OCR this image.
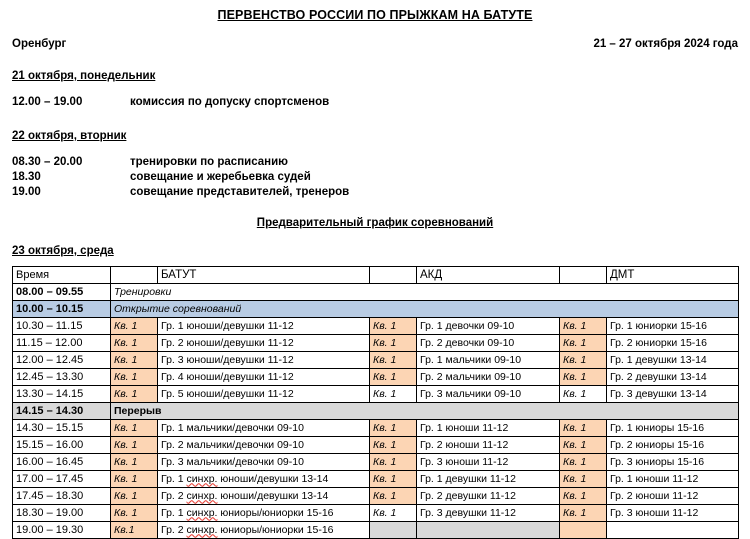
ПЕРВЕНСТВО РОССИИ ПО ПРЫЖКАМ НА БАТУТЕ
Оренбург	21 – 27 октября 2024 года
21 октября, понедельник
12.00 – 19.00	комиссия по допуску спортсменов
22 октября, вторник
08.30 – 20.00	тренировки по расписанию
18.30	совещание и жеребьевка судей
19.00	совещание представителей, тренеров
Предварительный график соревнований
23 октября, среда
Время		БАТУТ		АКД		ДМТ
08.00 – 09.55	Тренировки					
10.00 – 10.15	Открытие соревнований					
10.30 – 11.15	Кв. 1	Гр. 1 юноши/девушки 11-12	Кв. 1	Гр. 1 девочки 09-10	Кв. 1	Гр. 1 юниорки 15-16
11.15 – 12.00	Кв. 1	Гр. 2 юноши/девушки 11-12	Кв. 1	Гр. 2 девочки 09-10	Кв. 1	Гр. 2 юниорки 15-16
12.00 – 12.45	Кв. 1	Гр. 3 юноши/девушки 11-12	Кв. 1	Гр. 1 мальчики 09-10	Кв. 1	Гр. 1 девушки 13-14
12.45 – 13.30	Кв. 1	Гр. 4 юноши/девушки 11-12	Кв. 1	Гр. 2 мальчики 09-10	Кв. 1	Гр. 2 девушки 13-14
13.30 – 14.15	Кв. 1	Гр. 5 юноши/девушки 11-12	Кв. 1	Гр. 3 мальчики 09-10	Кв. 1	Гр. 3 девушки 13-14
14.15 – 14.30	Перерыв					
14.30 – 15.15	Кв. 1	Гр. 1 мальчики/девочки 09-10	Кв. 1	Гр. 1 юноши 11-12	Кв. 1	Гр. 1 юниоры 15-16
15.15 – 16.00	Кв. 1	Гр. 2 мальчики/девочки 09-10	Кв. 1	Гр. 2 юноши 11-12	Кв. 1	Гр. 2 юниоры 15-16
16.00 – 16.45	Кв. 1	Гр. 3 мальчики/девочки 09-10	Кв. 1	Гр. 3 юноши 11-12	Кв. 1	Гр. 3 юниоры 15-16
17.00 – 17.45	Кв. 1	Гр. 1 синхр. юноши/девушки 13-14	Кв. 1	Гр. 1 девушки 11-12	Кв. 1	Гр. 1 юноши 11-12
17.45 – 18.30	Кв. 1	Гр. 2 синхр. юноши/девушки 13-14	Кв. 1	Гр. 2 девушки 11-12	Кв. 1	Гр. 2 юноши 11-12
18.30 – 19.00	Кв. 1	Гр. 1 синхр. юниоры/юниорки 15-16	Кв. 1	Гр. 3 девушки 11-12	Кв. 1	Гр. 3 юноши 11-12
19.00 – 19.30	Кв.1	Гр. 2 синхр. юниоры/юниорки 15-16				
